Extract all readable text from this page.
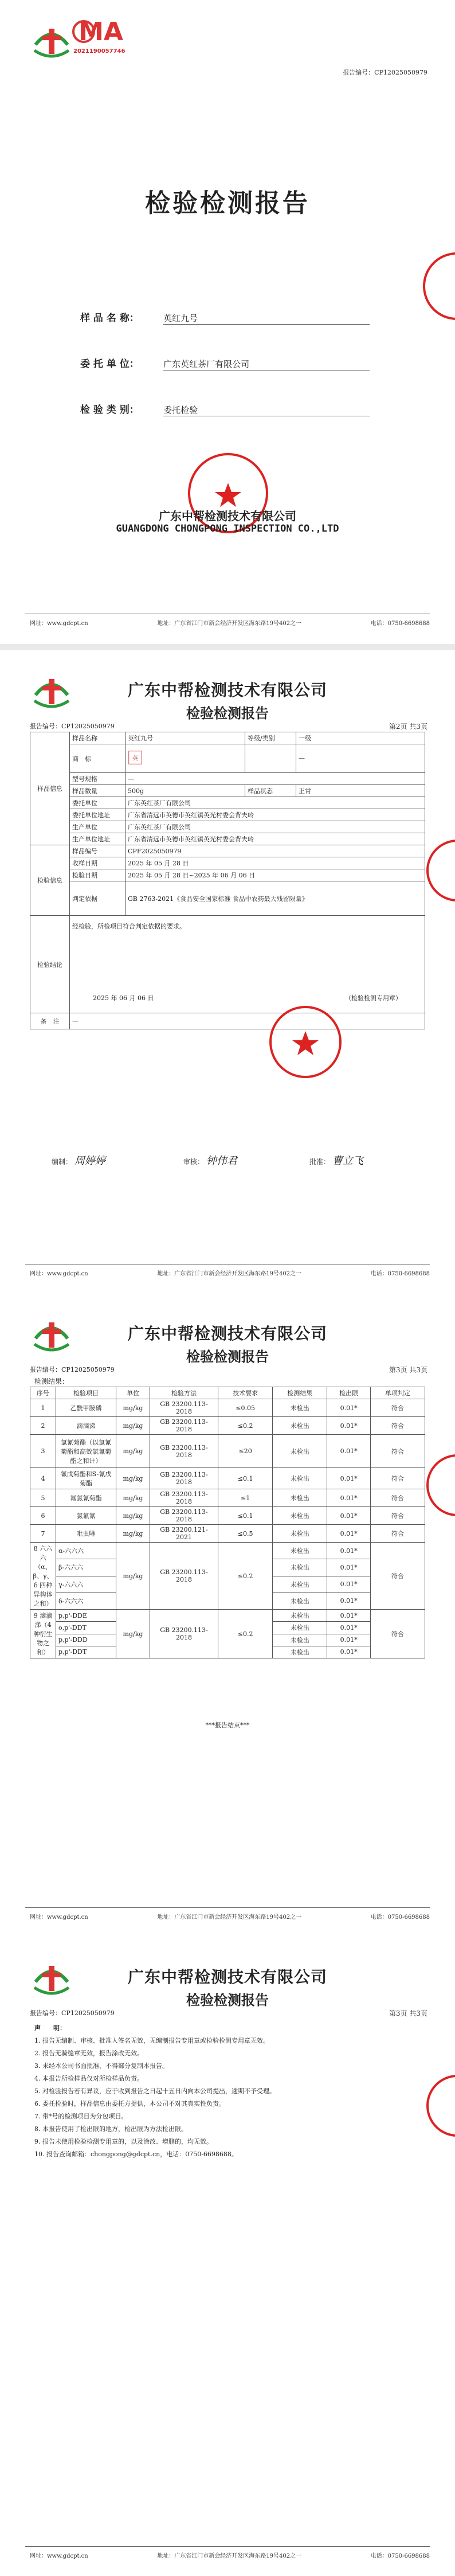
MA
2021190057746
报告编号：CP12025050979
检验检测报告
样 品 名 称：	英红九号
委 托 单 位：	广东英红茶厂有限公司
检 验 类 别：	委托检验
广东中帮检测技术有限公司
GUANGDONG CHONGPONG INSPECTION CO.,LTD
网址：www.gdcpt.cn	地址：广东省江门市新会经济开发区海东路19号402之一	电话：0750-6698688
广东中帮检测技术有限公司
检验检测报告
报告编号：CP12025050979	第2页 共3页
样品信息	样品名称	英红九号	等级/类别	一级
	商　标	英		—
	型号规格	—		
	样品数量	500g	样品状态	正常
	委托单位	广东英红茶厂有限公司		
	委托单位地址	广东省清远市英德市英红镇英光村委会背夫岭		
	生产单位	广东英红茶厂有限公司		
	生产单位地址	广东省清远市英德市英红镇英光村委会背夫岭		
检验信息	样品编号	CPF2025050979		
	收样日期	2025 年 05 月 28 日		
	检验日期	2025 年 05 月 28 日~2025 年 06 月 06 日		
	判定依据	GB 2763-2021《食品安全国家标准 食品中农药最大残留限量》		
检验结论	经检验，所检项目符合判定依据的要求。
2025 年 06 月 06 日 （检验检测专用章）			

备　注	—			
编制： 周婷婷	审核： 钟伟君	批准： 曹立飞
网址：www.gdcpt.cn	地址：广东省江门市新会经济开发区海东路19号402之一	电话：0750-6698688
广东中帮检测技术有限公司
检验检测报告
报告编号：CP12025050979	第3页 共3页
检测结果：
序号	检验项目	单位	检验方法	技术要求	检测结果	检出限	单项判定
1	乙酰甲胺磷	mg/kg	GB 23200.113-2018	≤0.05	未检出	0.01*	符合
2	滴滴涕	mg/kg	GB 23200.113-2018	≤0.2	未检出	0.01*	符合
3	氯氰菊酯（以氯氰菊酯和高效氯氰菊酯之和计）	mg/kg	GB 23200.113-2018	≤20	未检出	0.01*	符合
4	氰戊菊酯和S-氰戊菊酯	mg/kg	GB 23200.113-2018	≤0.1	未检出	0.01*	符合
5	氟氯氰菊酯	mg/kg	GB 23200.113-2018	≤1	未检出	0.01*	符合
6	氯氟氰	mg/kg	GB 23200.113-2018	≤0.1	未检出	0.01*	符合
7	吡虫啉	mg/kg	GB 23200.121-2021	≤0.5	未检出	0.01*	符合
8 六六六（α、β、γ、δ 四种异构体之和）	α-六六六	mg/kg	GB 23200.113-2018	≤0.2	未检出	0.01*	符合
	β-六六六				未检出	0.01*	
	γ-六六六				未检出	0.01*	
	δ-六六六				未检出	0.01*	
9 滴滴涕（4 种衍生物之和）	p,p'-DDE	mg/kg	GB 23200.113-2018	≤0.2	未检出	0.01*	符合
	o,p'-DDT				未检出	0.01*	
	p,p'-DDD				未检出	0.01*	
	p,p'-DDT				未检出	0.01*	
***报告结束***
网址：www.gdcpt.cn	地址：广东省江门市新会经济开发区海东路19号402之一	电话：0750-6698688
广东中帮检测技术有限公司
检验检测报告
报告编号：CP12025050979	第3页 共3页
声　　明：
1. 报告无编制、审核、批准人签名无效，无编制报告专用章或检验检测专用章无效。
2. 报告无骑缝章无效，报告涂改无效。
3. 未经本公司书面批准，不得部分复制本报告。
4. 本报告所检样品仅对所检样品负责。
5. 对检验报告若有异议，应于收到报告之日起十五日内向本公司提出，逾期不予受理。
6. 委托检验时，样品信息由委托方提供，本公司不对其真实性负责。
7. 带*号的检测项目为分包项目。
8. 本报告使用了检出限的地方，检出限为方法检出限。
9. 报告未使用检验检测专用章的，以及涂改、增删的，均无效。
10. 报告查询邮箱：chongpong@gdcpt.cn，电话：0750-6698688。
网址：www.gdcpt.cn	地址：广东省江门市新会经济开发区海东路19号402之一	电话：0750-6698688
